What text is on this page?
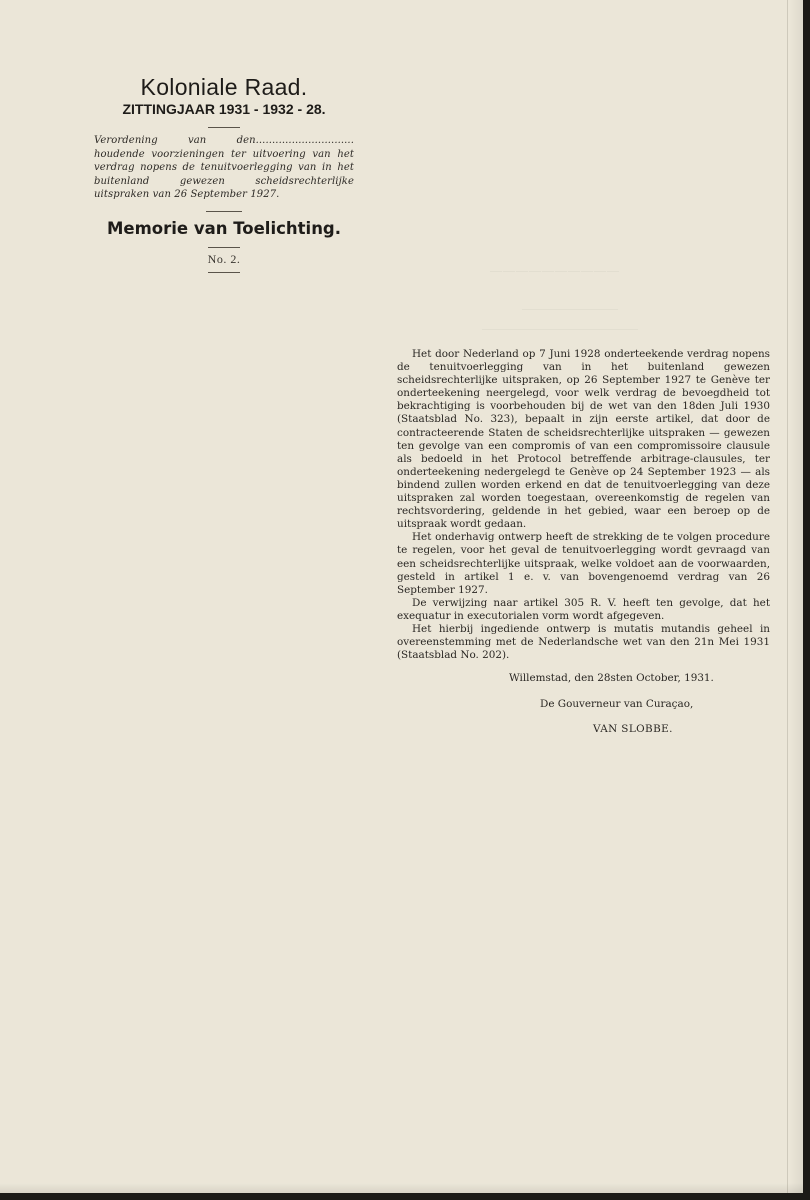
Koloniale Raad.
ZITTINGJAAR 1931 - 1932 - 28.
Verordening van den.............................. houdende voorzieningen ter uitvoering van het verdrag nopens de tenuitvoerlegging van in het buitenland gewezen scheidsrechterlijke uitspraken van 26 September 1927.
Memorie van Toelichting.
No. 2.
——————————
————————
—————————————

Het door Nederland op 7 Juni 1928 onderteekende verdrag nopens de tenuitvoerlegging van in het buitenland gewezen scheidsrechterlijke uitspraken, op 26 September 1927 te Genève ter onderteekening neergelegd, voor welk verdrag de bevoegdheid tot bekrachtiging is voorbehouden bij de wet van den 18den Juli 1930 (Staatsblad No. 323), bepaalt in zijn eerste artikel, dat door de contracteerende Staten de scheidsrechterlijke uitspraken — gewezen ten gevolge van een compromis of van een compromissoire clausule als bedoeld in het Protocol betreffende arbitrage-clausules, ter onderteekening nedergelegd te Genève op 24 September 1923 — als bindend zullen worden erkend en dat de tenuitvoerlegging van deze uitspraken zal worden toegestaan, overeenkomstig de regelen van rechtsvordering, geldende in het gebied, waar een beroep op de uitspraak wordt gedaan.

Het onderhavig ontwerp heeft de strekking de te volgen procedure te regelen, voor het geval de tenuitvoerlegging wordt gevraagd van een scheidsrechterlijke uitspraak, welke voldoet aan de voorwaarden, gesteld in artikel 1 e. v. van bovengenoemd verdrag van 26 September 1927.

De verwijzing naar artikel 305 R. V. heeft ten gevolge, dat het exequatur in executorialen vorm wordt afgegeven.

Het hierbij ingediende ontwerp is mutatis mutandis geheel in overeenstemming met de Nederlandsche wet van den 21n Mei 1931 (Staatsblad No. 202).

Willemstad, den 28sten October, 1931.
De Gouverneur van Curaçao,
VAN SLOBBE.
